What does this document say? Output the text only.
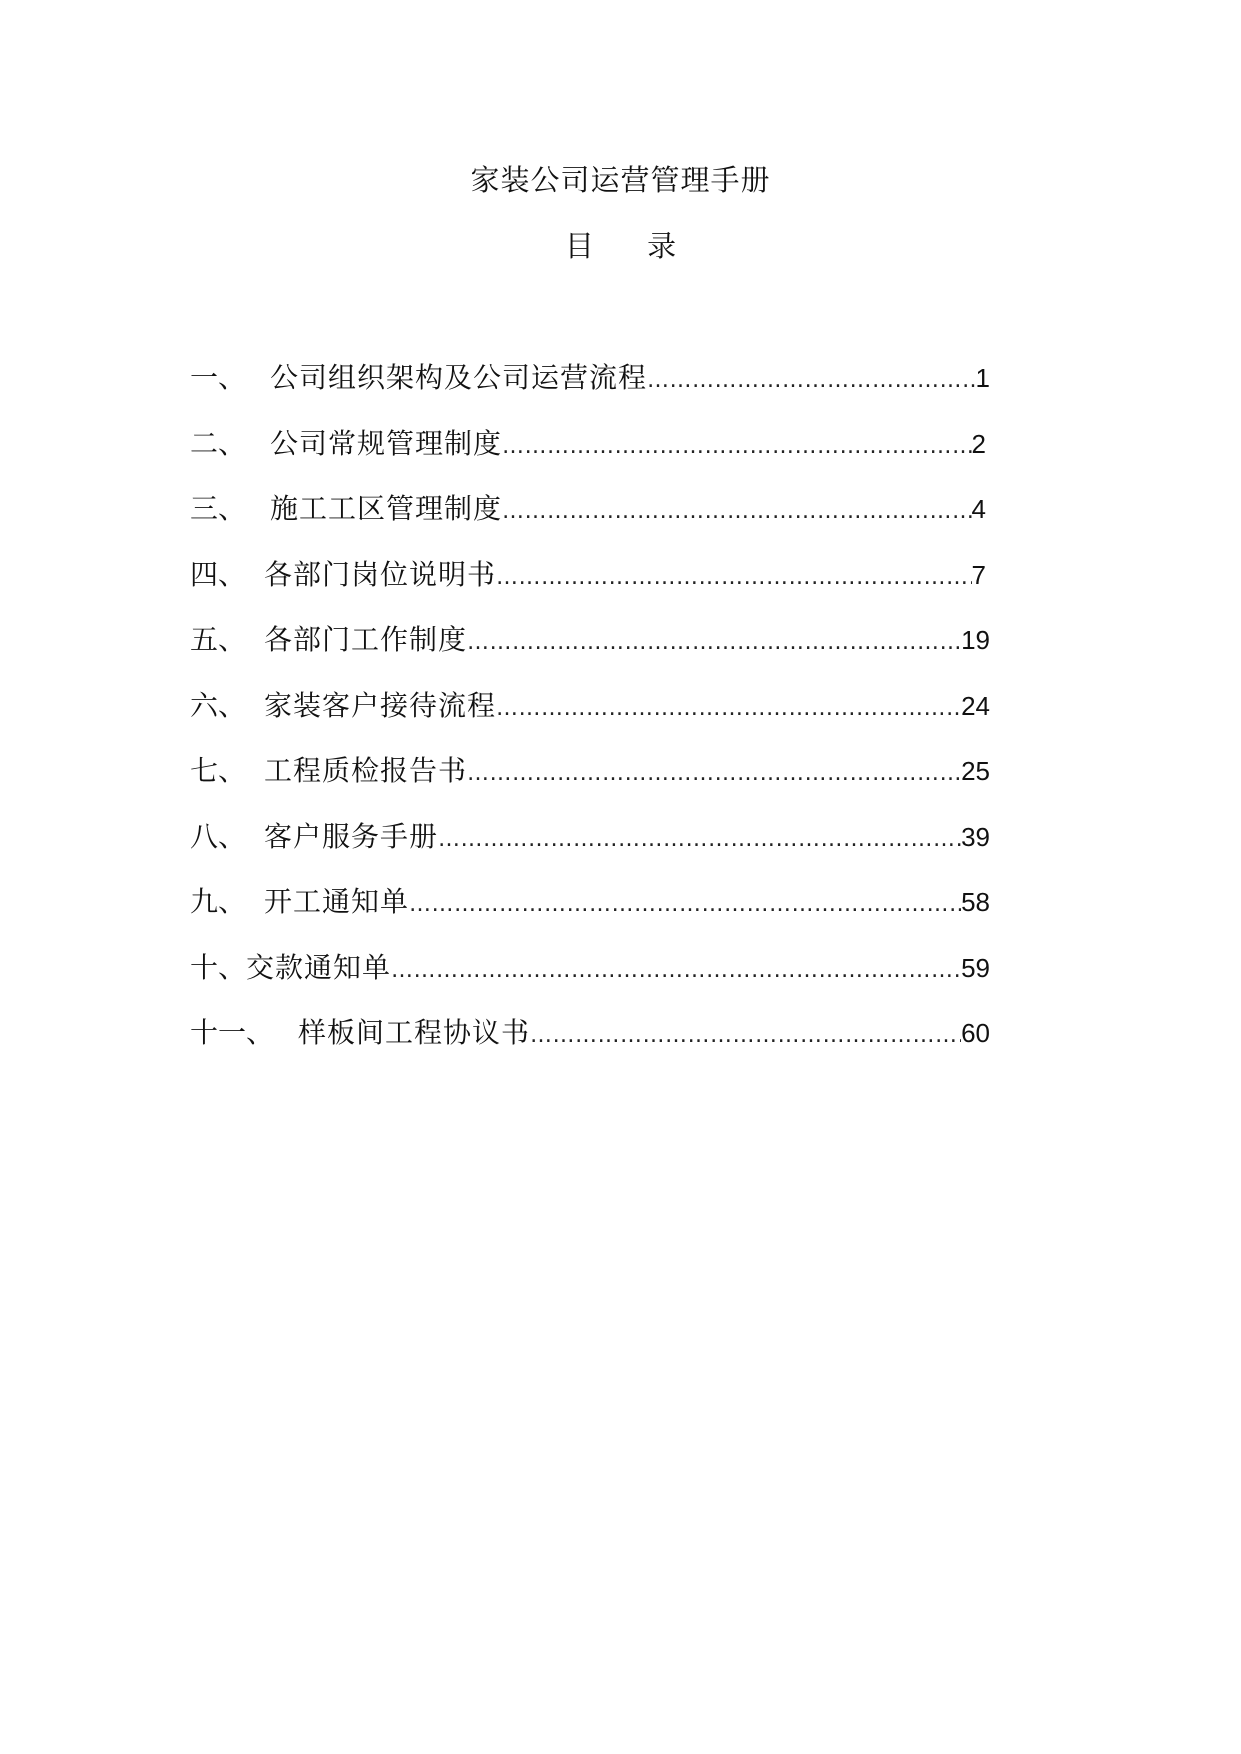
家装公司运营管理手册
目 录
一、 公司组织架构及公司运营流程 …………………………………………………………………………………………………………………………………………………………	1
二、 公司常规管理制度 …………………………………………………………………………………………………………………………………………………………	2
三、 施工工区管理制度 …………………………………………………………………………………………………………………………………………………………	4
四、 各部门岗位说明书 …………………………………………………………………………………………………………………………………………………………	7
五、 各部门工作制度 …………………………………………………………………………………………………………………………………………………………	19
六、 家装客户接待流程 …………………………………………………………………………………………………………………………………………………………	24
七、 工程质检报告书 …………………………………………………………………………………………………………………………………………………………	25
八、 客户服务手册 …………………………………………………………………………………………………………………………………………………………	39
九、 开工通知单 …………………………………………………………………………………………………………………………………………………………	58
十、 交款通知单 …………………………………………………………………………………………………………………………………………………………	59
十一、 样板间工程协议书 …………………………………………………………………………………………………………………………………………………………	60
